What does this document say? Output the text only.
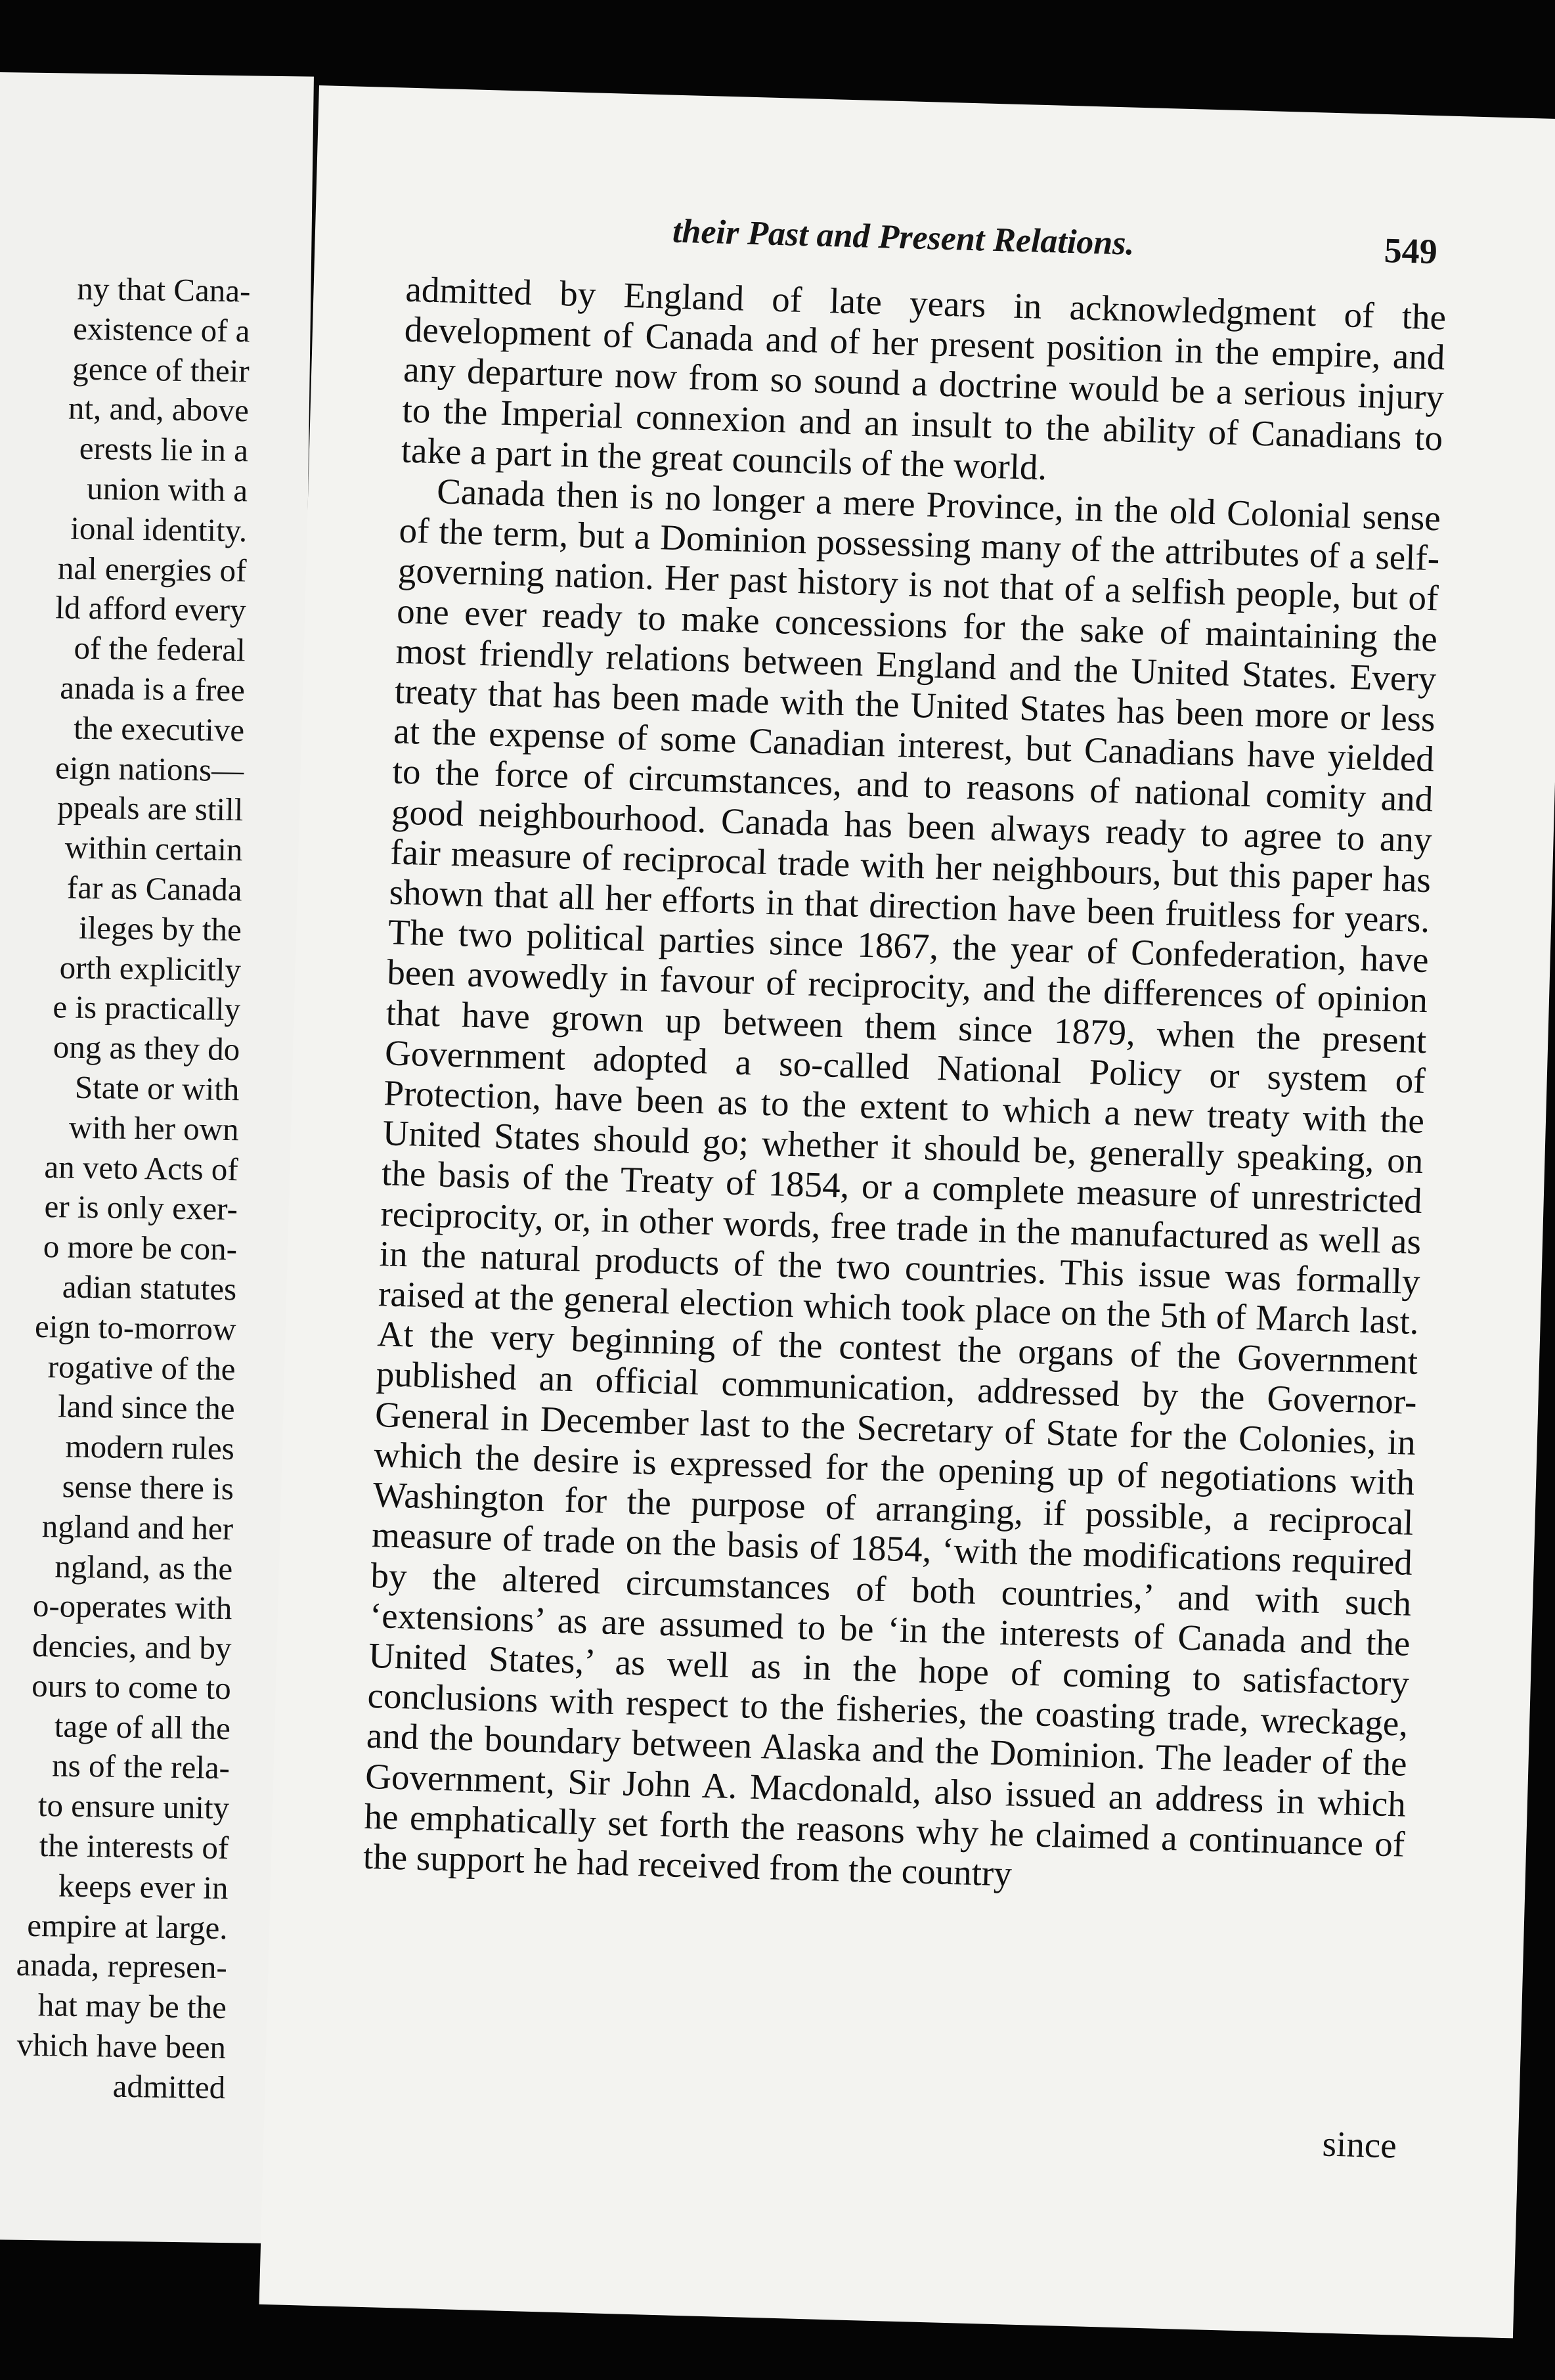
ny that Cana-
existence of a
gence of their
nt, and, above
erests lie in a
union with a
ional identity.
nal energies of
ld afford every
of the federal
anada is a free
the executive
eign nations—
ppeals are still
within certain
far as Canada
ileges by the
orth explicitly
e is practically
ong as they do
State or with
with her own
an veto Acts of
er is only exer-
o more be con-
adian statutes
eign to-morrow
rogative of the
land since the
modern rules
sense there is
ngland and her
ngland, as the
o-operates with
dencies, and by
ours to come to
tage of all the
ns of the rela-
to ensure unity
the interests of
keeps ever in
empire at large.
anada, represen-
hat may be the
vhich have been
admitted
their Past and Present Relations.	549

admitted by England of late years in acknowledgment of the development of Canada and of her present position in the empire, and any departure now from so sound a doctrine would be a serious injury to the Imperial connexion and an insult to the ability of Canadians to take a part in the great councils of the world.

Canada then is no longer a mere Province, in the old Colonial sense of the term, but a Dominion possessing many of the attributes of a self-governing nation. Her past history is not that of a selfish people, but of one ever ready to make concessions for the sake of maintaining the most friendly relations between England and the United States. Every treaty that has been made with the United States has been more or less at the expense of some Canadian interest, but Canadians have yielded to the force of circumstances, and to reasons of national comity and good neighbourhood. Canada has been always ready to agree to any fair measure of reciprocal trade with her neighbours, but this paper has shown that all her efforts in that direction have been fruitless for years. The two political parties since 1867, the year of Confederation, have been avowedly in favour of reciprocity, and the differences of opinion that have grown up between them since 1879, when the present Government adopted a so-called National Policy or system of Protection, have been as to the extent to which a new treaty with the United States should go; whether it should be, generally speaking, on the basis of the Treaty of 1854, or a complete measure of unrestricted reciprocity, or, in other words, free trade in the manufactured as well as in the natural products of the two countries. This issue was formally raised at the general election which took place on the 5th of March last. At the very beginning of the contest the organs of the Government published an official communication, addressed by the Governor-General in December last to the Secretary of State for the Colonies, in which the desire is expressed for the opening up of negotiations with Washington for the purpose of arranging, if possible, a reciprocal measure of trade on the basis of 1854, ‘with the modifications required by the altered circumstances of both countries,’ and with such ‘extensions’ as are assumed to be ‘in the interests of Canada and the United States,’ as well as in the hope of coming to satisfactory conclusions with respect to the fisheries, the coasting trade, wreckage, and the boundary between Alaska and the Dominion. The leader of the Government, Sir John A. Macdonald, also issued an address in which he emphatically set forth the reasons why he claimed a continuance of the support he had received from the country

since
